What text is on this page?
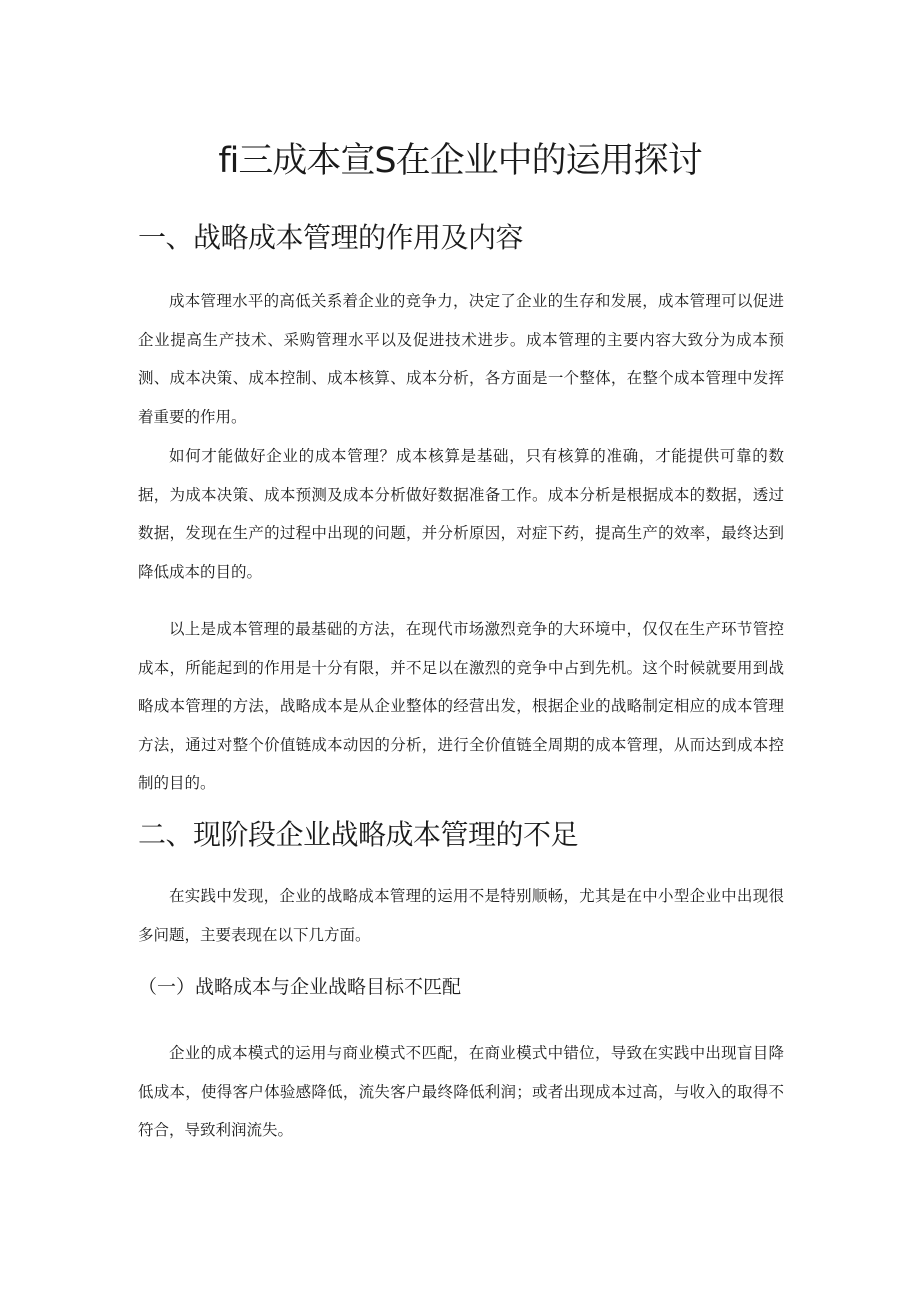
fi三成本宣S在企业中的运用探讨
一、战略成本管理的作用及内容

成本管理水平的高低关系着企业的竞争力，决定了企业的生存和发展，成本管理可以促进企业提高生产技术、采购管理水平以及促进技术进步。成本管理的主要内容大致分为成本预测、成本决策、成本控制、成本核算、成本分析，各方面是一个整体，在整个成本管理中发挥着重要的作用。

如何才能做好企业的成本管理？成本核算是基础，只有核算的准确，才能提供可靠的数据，为成本决策、成本预测及成本分析做好数据准备工作。成本分析是根据成本的数据，透过数据，发现在生产的过程中出现的问题，并分析原因，对症下药，提高生产的效率，最终达到降低成本的目的。

以上是成本管理的最基础的方法，在现代市场激烈竞争的大环境中，仅仅在生产环节管控成本，所能起到的作用是十分有限，并不足以在激烈的竞争中占到先机。这个时候就要用到战略成本管理的方法，战略成本是从企业整体的经营出发，根据企业的战略制定相应的成本管理方法，通过对整个价值链成本动因的分析，进行全价值链全周期的成本管理，从而达到成本控制的目的。

二、现阶段企业战略成本管理的不足

在实践中发现，企业的战略成本管理的运用不是特别顺畅，尤其是在中小型企业中出现很多问题，主要表现在以下几方面。

（一）战略成本与企业战略目标不匹配

企业的成本模式的运用与商业模式不匹配，在商业模式中错位，导致在实践中出现盲目降低成本，使得客户体验感降低，流失客户最终降低利润；或者出现成本过高，与收入的取得不符合，导致利润流失。
